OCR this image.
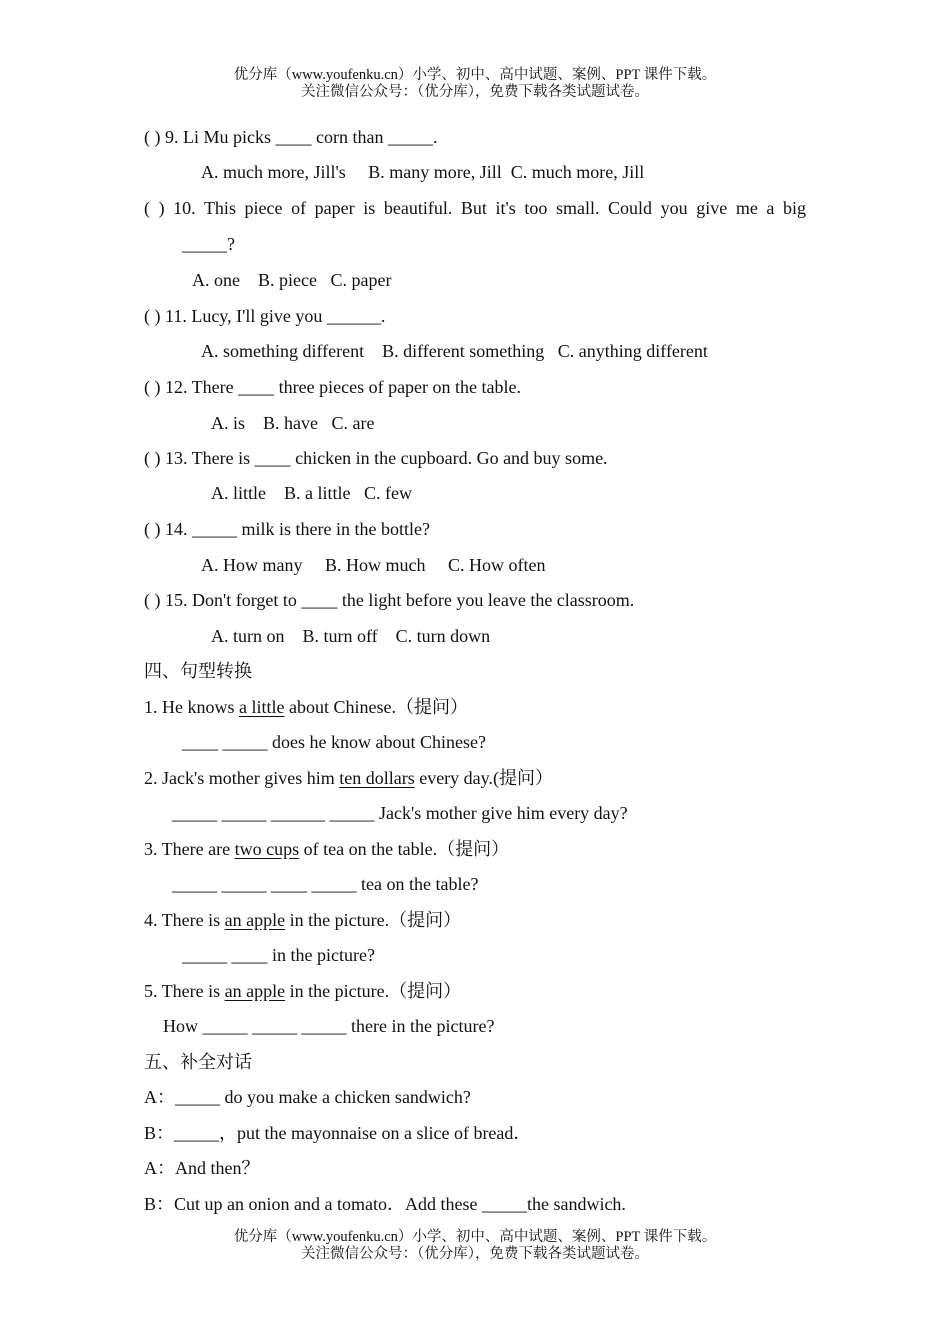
优分库（www.youfenku.cn）小学、初中、高中试题、案例、PPT 课件下载。
关注微信公众号：（优分库），免费下载各类试题试卷。
( ) 9. Li Mu picks ____ corn than _____.
A. much more, Jill's     B. many more, Jill  C. much more, Jill
( ) 10. This piece of paper is beautiful. But it's too small. Could you give me a big
_____?
A. one    B. piece   C. paper
( ) 11. Lucy, I'll give you ______.
A. something different    B. different something   C. anything different
( ) 12. There ____ three pieces of paper on the table.
A. is    B. have   C. are
( ) 13. There is ____ chicken in the cupboard. Go and buy some.
A. little    B. a little   C. few
( ) 14. _____ milk is there in the bottle?
A. How many     B. How much     C. How often
( ) 15. Don't forget to ____ the light before you leave the classroom.
A. turn on    B. turn off    C. turn down
四、句型转换
1. He knows a little about Chinese.（提问）
____ _____ does he know about Chinese?
2. Jack's mother gives him ten dollars every day.(提问）
_____ _____ ______ _____ Jack's mother give him every day?
3. There are two cups of tea on the table.（提问）
_____ _____ ____ _____ tea on the table?
4. There is an apple in the picture.（提问）
_____ ____ in the picture?
5. There is an apple in the picture.（提问）
How _____ _____ _____ there in the picture?
五、补全对话
A：_____ do you make a chicken sandwich?
B：_____，put the mayonnaise on a slice of bread．
A：And then？
B：Cut up an onion and a tomato．Add these _____the sandwich.
优分库（www.youfenku.cn）小学、初中、高中试题、案例、PPT 课件下载。
关注微信公众号：（优分库），免费下载各类试题试卷。
